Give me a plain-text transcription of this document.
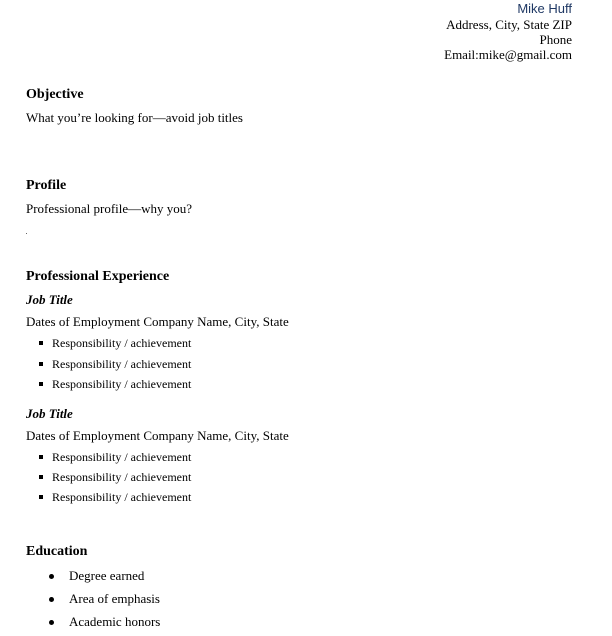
Mike Huff
Address, City, State ZIP
Phone
Email:mike@gmail.com
Objective
What you’re looking for—avoid job titles
Profile
Professional profile—why you?
Professional Experience
Job Title
Dates of Employment Company Name, City, State
Responsibility / achievement
Responsibility / achievement
Responsibility / achievement
Job Title
Dates of Employment Company Name, City, State
Responsibility / achievement
Responsibility / achievement
Responsibility / achievement
Education
Degree earned
Area of emphasis
Academic honors
